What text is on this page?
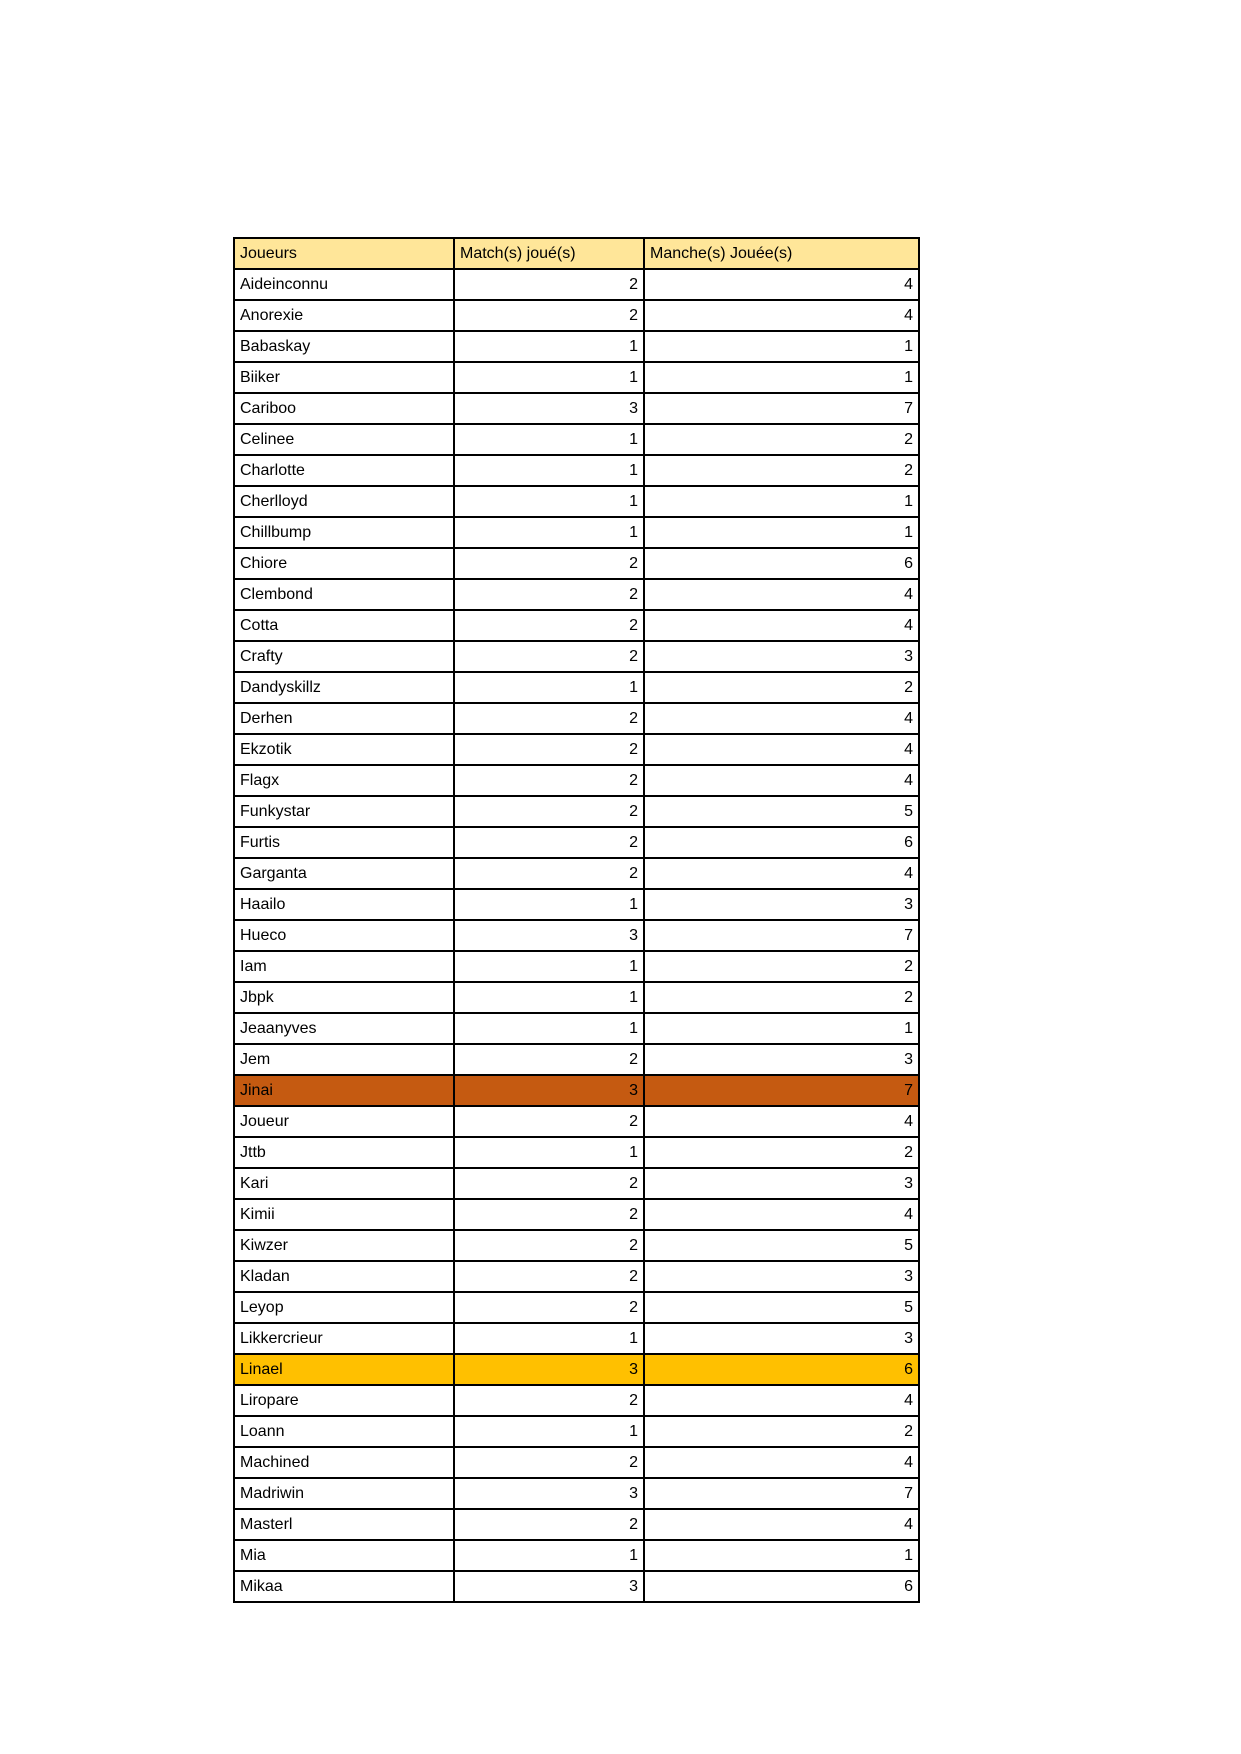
Joueurs	Match(s) joué(s)	Manche(s) Jouée(s)
Aideinconnu	2	4
Anorexie	2	4
Babaskay	1	1
Biiker	1	1
Cariboo	3	7
Celinee	1	2
Charlotte	1	2
Cherlloyd	1	1
Chillbump	1	1
Chiore	2	6
Clembond	2	4
Cotta	2	4
Crafty	2	3
Dandyskillz	1	2
Derhen	2	4
Ekzotik	2	4
Flagx	2	4
Funkystar	2	5
Furtis	2	6
Garganta	2	4
Haailo	1	3
Hueco	3	7
Iam	1	2
Jbpk	1	2
Jeaanyves	1	1
Jem	2	3
Jinai	3	7
Joueur	2	4
Jttb	1	2
Kari	2	3
Kimii	2	4
Kiwzer	2	5
Kladan	2	3
Leyop	2	5
Likkercrieur	1	3
Linael	3	6
Liropare	2	4
Loann	1	2
Machined	2	4
Madriwin	3	7
Masterl	2	4
Mia	1	1
Mikaa	3	6
